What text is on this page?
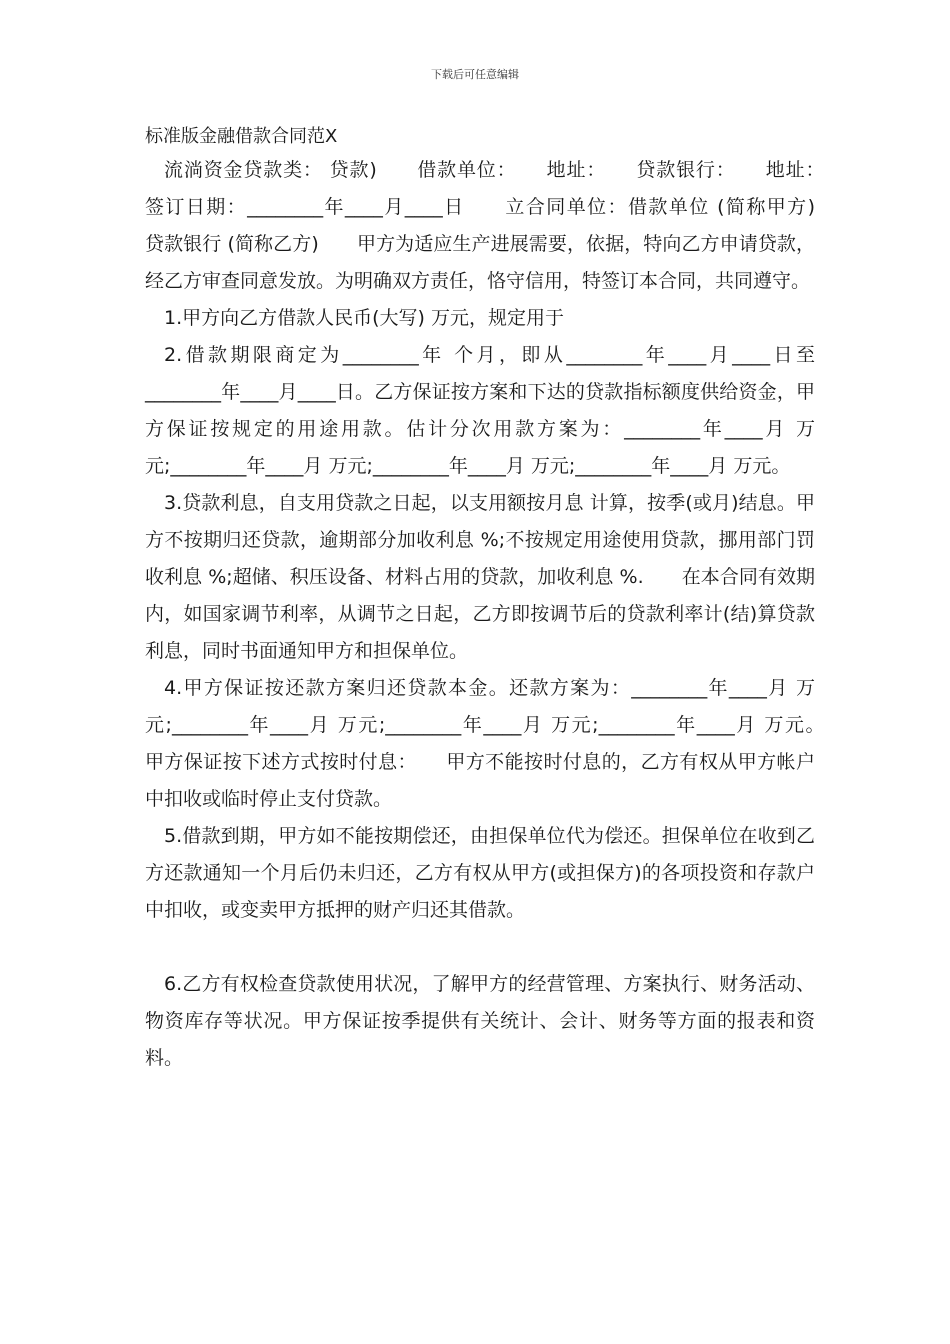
下载后可任意编辑
标准版金融借款合同范X

流淌资金贷款类： 贷款)　　借款单位：　　地址：　　贷款银行：　　地址：　　签订日期：________年____月____日　　立合同单位：借款单位 (简称甲方)　　贷款银行 (简称乙方)　　甲方为适应生产进展需要，依据，特向乙方申请贷款，经乙方审查同意发放。为明确双方责任，恪守信用，特签订本合同，共同遵守。

1.甲方向乙方借款人民币(大写) 万元，规定用于

2.借款期限商定为________年 个月，即从________年____月____日至________年____月____日。乙方保证按方案和下达的贷款指标额度供给资金，甲方保证按规定的用途用款。估计分次用款方案为：________年____月 万元;________年____月 万元;________年____月 万元;________年____月 万元。

3.贷款利息，自支用贷款之日起，以支用额按月息 计算，按季(或月)结息。甲方不按期归还贷款，逾期部分加收利息 %;不按规定用途使用贷款，挪用部门罚收利息 %;超储、积压设备、材料占用的贷款，加收利息 %.　　在本合同有效期内，如国家调节利率，从调节之日起，乙方即按调节后的贷款利率计(结)算贷款利息，同时书面通知甲方和担保单位。

4.甲方保证按还款方案归还贷款本金。还款方案为：________年____月 万元;________年____月 万元;________年____月 万元;________年____月 万元。　　甲方保证按下述方式按时付息：　　甲方不能按时付息的，乙方有权从甲方帐户中扣收或临时停止支付贷款。

5.借款到期，甲方如不能按期偿还，由担保单位代为偿还。担保单位在收到乙方还款通知一个月后仍未归还，乙方有权从甲方(或担保方)的各项投资和存款户中扣收，或变卖甲方抵押的财产归还其借款。

6.乙方有权检查贷款使用状况，了解甲方的经营管理、方案执行、财务活动、物资库存等状况。甲方保证按季提供有关统计、会计、财务等方面的报表和资料。
